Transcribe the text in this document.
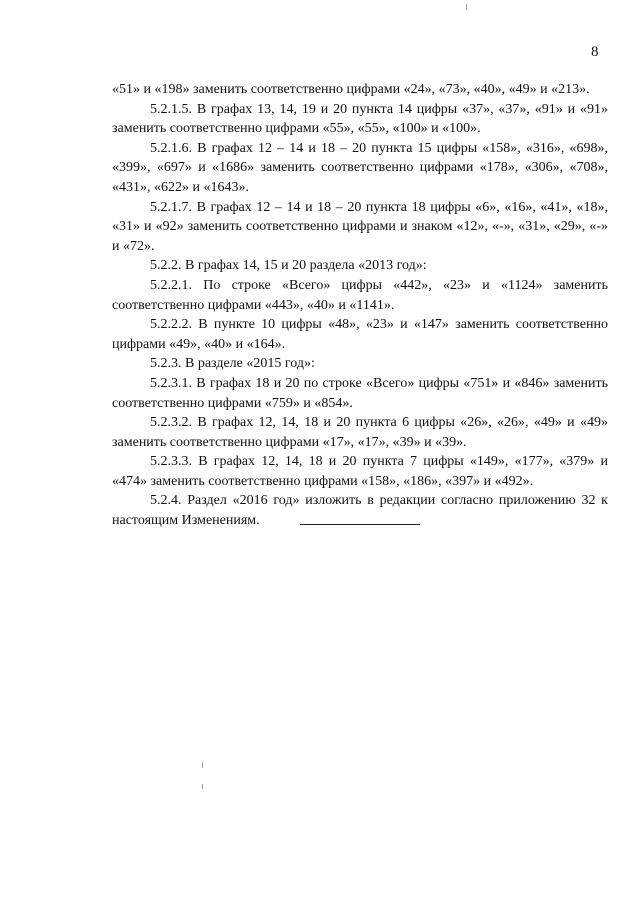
8

«51» и «198» заменить соответственно цифрами «24», «73», «40», «49» и «213».

5.2.1.5. В графах 13, 14, 19 и 20 пункта 14 цифры «37», «37», «91» и «91» заменить соответственно цифрами «55», «55», «100» и «100».

5.2.1.6. В графах 12 – 14 и 18 – 20 пункта 15 цифры «158», «316», «698», «399», «697» и «1686» заменить соответственно цифрами «178», «306», «708», «431», «622» и «1643».

5.2.1.7. В графах 12 – 14 и 18 – 20 пункта 18 цифры «6», «16», «41», «18», «31» и «92» заменить соответственно цифрами и знаком «12», «-», «31», «29», «-» и «72».

5.2.2. В графах 14, 15 и 20 раздела «2013 год»:

5.2.2.1. По строке «Всего» цифры «442», «23» и «1124» заменить соответственно цифрами «443», «40» и «1141».

5.2.2.2. В пункте 10 цифры «48», «23» и «147» заменить соответственно цифрами «49», «40» и «164».

5.2.3. В разделе «2015 год»:

5.2.3.1. В графах 18 и 20 по строке «Всего» цифры «751» и «846» заменить соответственно цифрами «759» и «854».

5.2.3.2. В графах 12, 14, 18 и 20 пункта 6 цифры «26», «26», «49» и «49» заменить соответственно цифрами «17», «17», «39» и «39».

5.2.3.3. В графах 12, 14, 18 и 20 пункта 7 цифры «149», «177», «379» и «474» заменить соответственно цифрами «158», «186», «397» и «492».

5.2.4. Раздел «2016 год» изложить в редакции согласно приложению 32 к настоящим Изменениям.
